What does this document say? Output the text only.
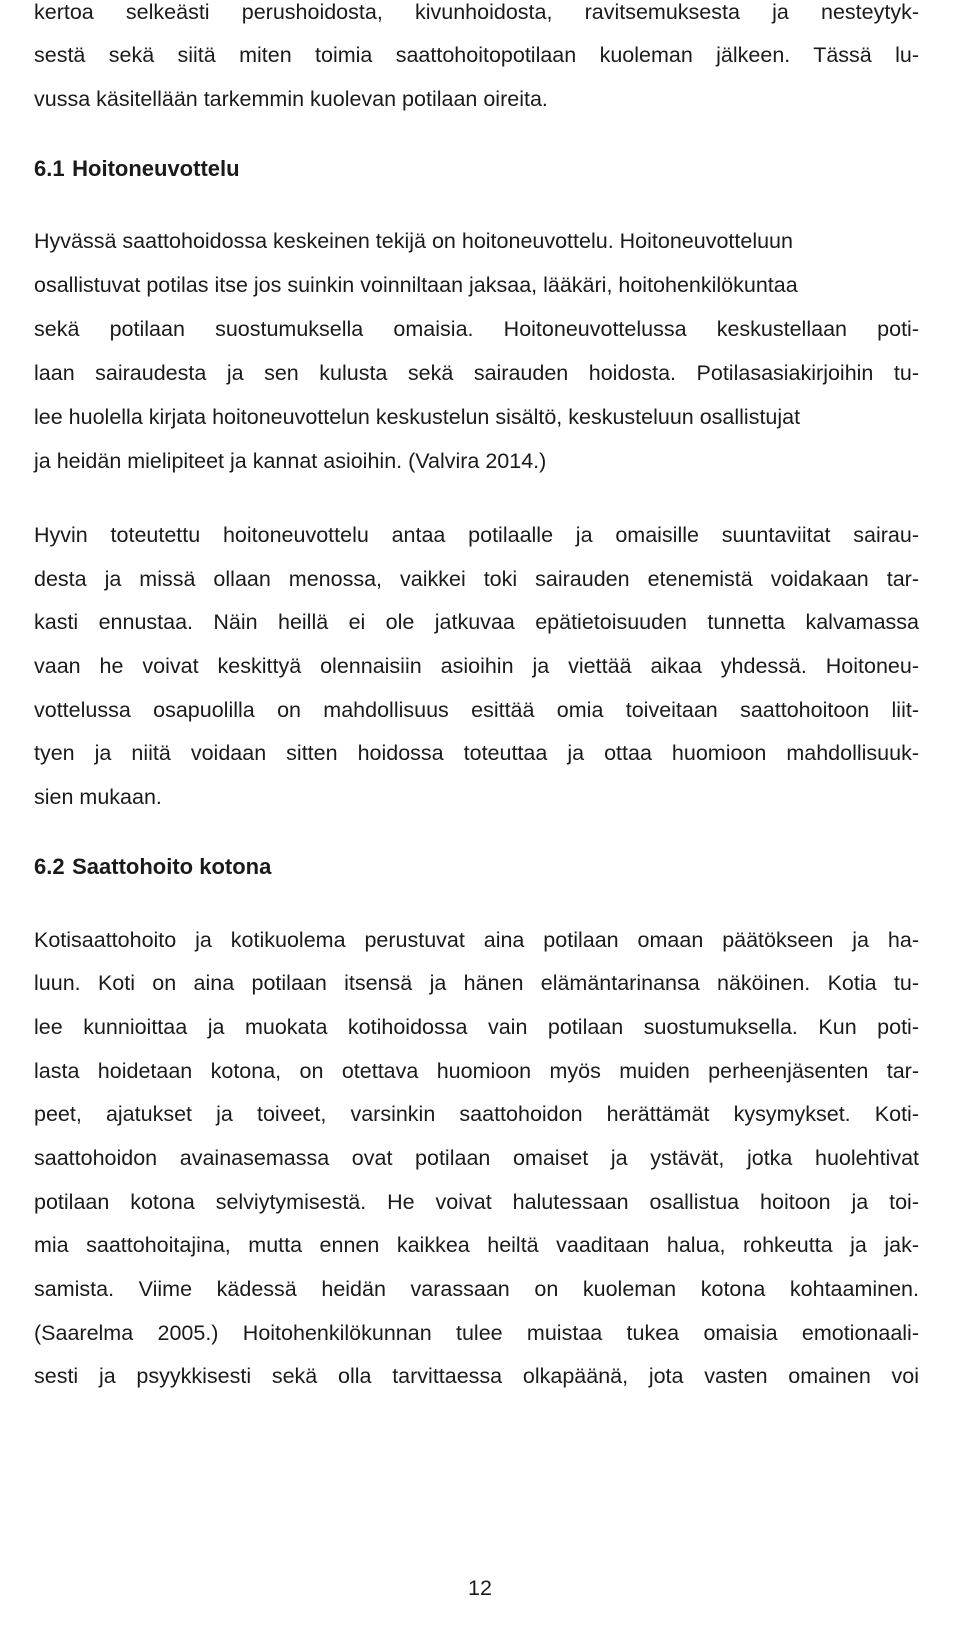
kertoa selkeästi perushoidosta, kivunhoidosta, ravitsemuksesta ja nesteytyk-
sestä sekä siitä miten toimia saattohoitopotilaan kuoleman jälkeen. Tässä lu-
vussa käsitellään tarkemmin kuolevan potilaan oireita.
6.1 Hoitoneuvottelu
Hyvässä saattohoidossa keskeinen tekijä on hoitoneuvottelu. Hoitoneuvotteluun
osallistuvat potilas itse jos suinkin voinniltaan jaksaa, lääkäri, hoitohenkilökuntaa
sekä potilaan suostumuksella omaisia. Hoitoneuvottelussa keskustellaan poti-
laan sairaudesta ja sen kulusta sekä sairauden hoidosta. Potilasasiakirjoihin tu-
lee huolella kirjata hoitoneuvottelun keskustelun sisältö, keskusteluun osallistujat
ja heidän mielipiteet ja kannat asioihin. (Valvira 2014.)
Hyvin toteutettu hoitoneuvottelu antaa potilaalle ja omaisille suuntaviitat sairau-
desta ja missä ollaan menossa, vaikkei toki sairauden etenemistä voidakaan tar-
kasti ennustaa. Näin heillä ei ole jatkuvaa epätietoisuuden tunnetta kalvamassa
vaan he voivat keskittyä olennaisiin asioihin ja viettää aikaa yhdessä. Hoitoneu-
vottelussa osapuolilla on mahdollisuus esittää omia toiveitaan saattohoitoon liit-
tyen ja niitä voidaan sitten hoidossa toteuttaa ja ottaa huomioon mahdollisuuk-
sien mukaan.
6.2 Saattohoito kotona
Kotisaattohoito ja kotikuolema perustuvat aina potilaan omaan päätökseen ja ha-
luun. Koti on aina potilaan itsensä ja hänen elämäntarinansa näköinen. Kotia tu-
lee kunnioittaa ja muokata kotihoidossa vain potilaan suostumuksella. Kun poti-
lasta hoidetaan kotona, on otettava huomioon myös muiden perheenjäsenten tar-
peet, ajatukset ja toiveet, varsinkin saattohoidon herättämät kysymykset. Koti-
saattohoidon avainasemassa ovat potilaan omaiset ja ystävät, jotka huolehtivat
potilaan kotona selviytymisestä. He voivat halutessaan osallistua hoitoon ja toi-
mia saattohoitajina, mutta ennen kaikkea heiltä vaaditaan halua, rohkeutta ja jak-
samista. Viime kädessä heidän varassaan on kuoleman kotona kohtaaminen.
(Saarelma 2005.) Hoitohenkilökunnan tulee muistaa tukea omaisia emotionaali-
sesti ja psyykkisesti sekä olla tarvittaessa olkapäänä, jota vasten omainen voi
12
